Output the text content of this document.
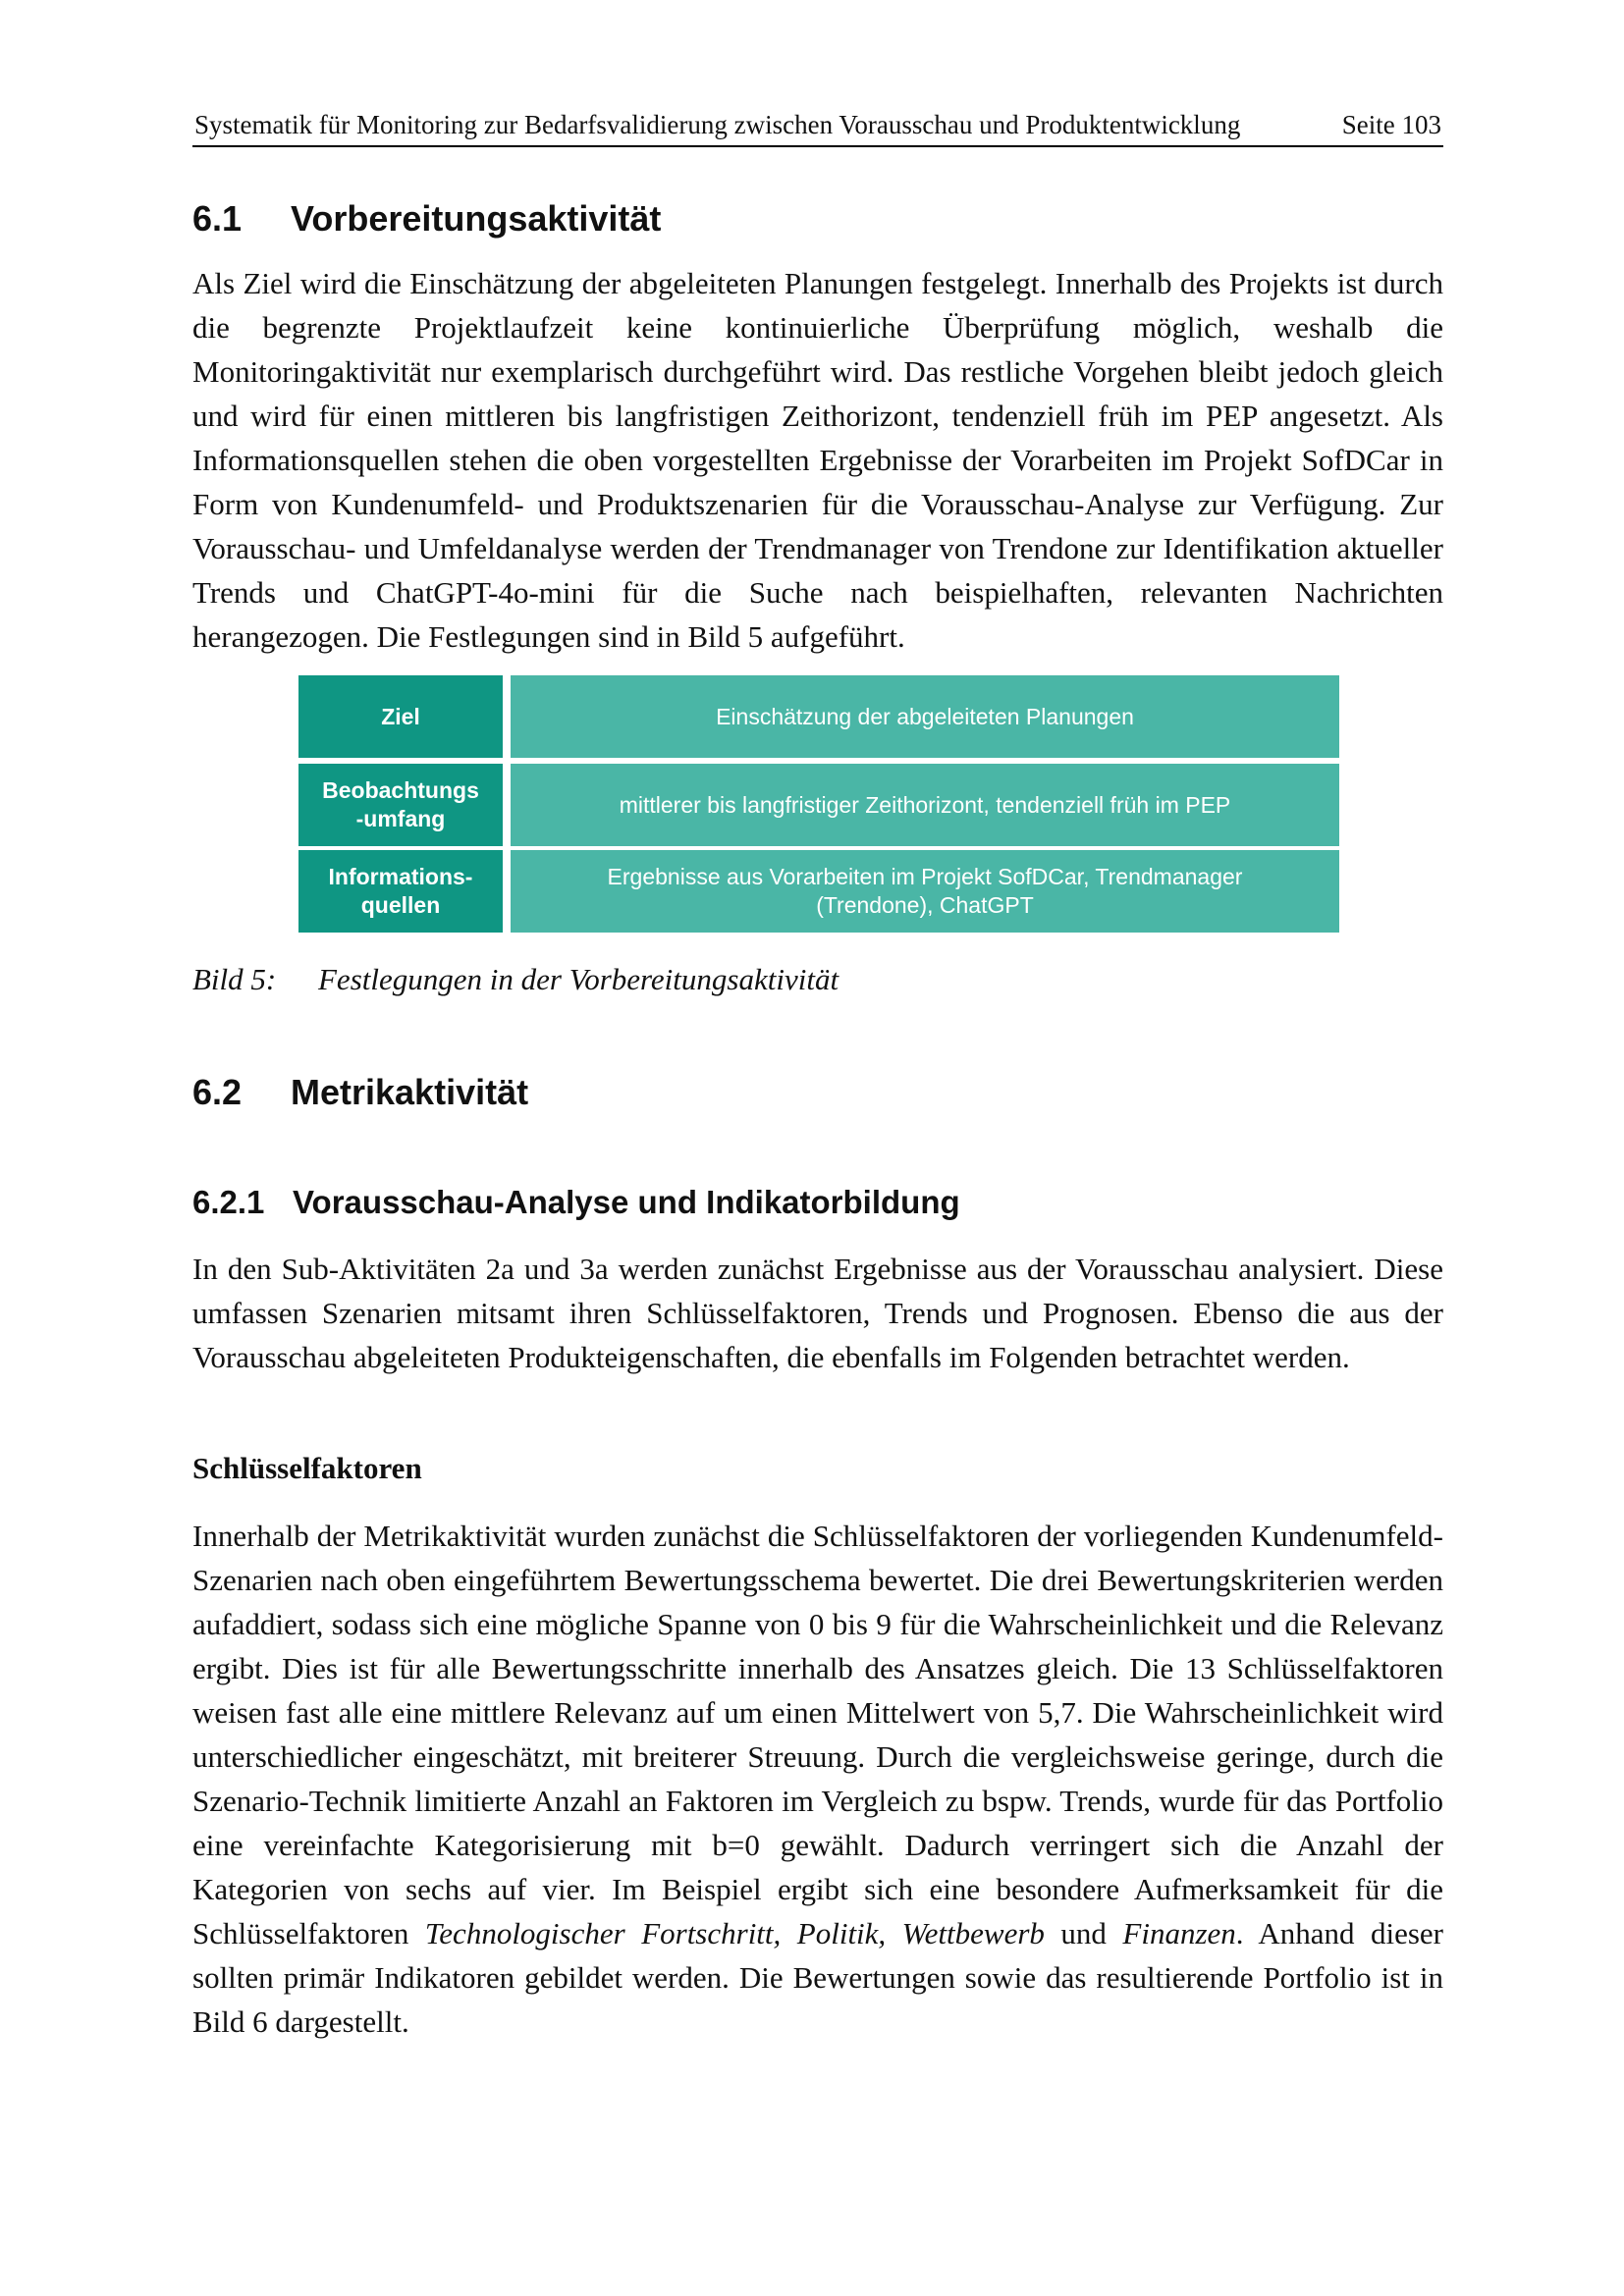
Systematik für Monitoring zur Bedarfsvalidierung zwischen Vorausschau und Produktentwicklung	Seite 103
6.1 Vorbereitungsaktivität

Als Ziel wird die Einschätzung der abgeleiteten Planungen festgelegt. Innerhalb des Projekts ist durch die begrenzte Projektlaufzeit keine kontinuierliche Überprüfung möglich, weshalb die Monitoringaktivität nur exemplarisch durchgeführt wird. Das restliche Vorgehen bleibt jedoch gleich und wird für einen mittleren bis langfristigen Zeithorizont, tendenziell früh im PEP angesetzt. Als Informationsquellen stehen die oben vorgestellten Ergebnisse der Vorarbeiten im Projekt SofDCar in Form von Kundenumfeld- und Produktszenarien für die Vorausschau-Analyse zur Verfügung. Zur Vorausschau- und Umfeldanalyse werden der Trendmanager von Trendone zur Identifikation aktueller Trends und ChatGPT-4o-mini für die Suche nach beispielhaften, relevanten Nachrichten herangezogen. Die Festlegungen sind in Bild 5 aufgeführt.

Ziel	Einschätzung der abgeleiteten Planungen
Beobachtungs
-umfang
mittlerer bis langfristiger Zeithorizont, tendenziell früh im PEP
Informations-
quellen
Ergebnisse aus Vorarbeiten im Projekt SofDCar, Trendmanager
(Trendone), ChatGPT
Bild 5: Festlegungen in der Vorbereitungsaktivität
6.2 Metrikaktivität
6.2.1 Vorausschau-Analyse und Indikatorbildung

In den Sub-Aktivitäten 2a und 3a werden zunächst Ergebnisse aus der Vorausschau analysiert. Diese umfassen Szenarien mitsamt ihren Schlüsselfaktoren, Trends und Prognosen. Ebenso die aus der Vorausschau abgeleiteten Produkteigenschaften, die ebenfalls im Folgenden betrachtet werden.

Schlüsselfaktoren

Innerhalb der Metrikaktivität wurden zunächst die Schlüsselfaktoren der vorliegenden Kundenumfeld-Szenarien nach oben eingeführtem Bewertungsschema bewertet. Die drei Bewertungskriterien werden aufaddiert, sodass sich eine mögliche Spanne von 0 bis 9 für die Wahrscheinlichkeit und die Relevanz ergibt. Dies ist für alle Bewertungsschritte innerhalb des Ansatzes gleich. Die 13 Schlüsselfaktoren weisen fast alle eine mittlere Relevanz auf um einen Mittelwert von 5,7. Die Wahrscheinlichkeit wird unterschiedlicher eingeschätzt, mit breiterer Streuung. Durch die vergleichsweise geringe, durch die Szenario-Technik limitierte Anzahl an Faktoren im Vergleich zu bspw. Trends, wurde für das Portfolio eine vereinfachte Kategorisierung mit b=0 gewählt. Dadurch verringert sich die Anzahl der Kategorien von sechs auf vier. Im Beispiel ergibt sich eine besondere Aufmerksamkeit für die Schlüsselfaktoren Technologischer Fortschritt, Politik, Wettbewerb und Finanzen. Anhand dieser sollten primär Indikatoren gebildet werden. Die Bewertungen sowie das resultierende Portfolio ist in Bild 6 dargestellt.
